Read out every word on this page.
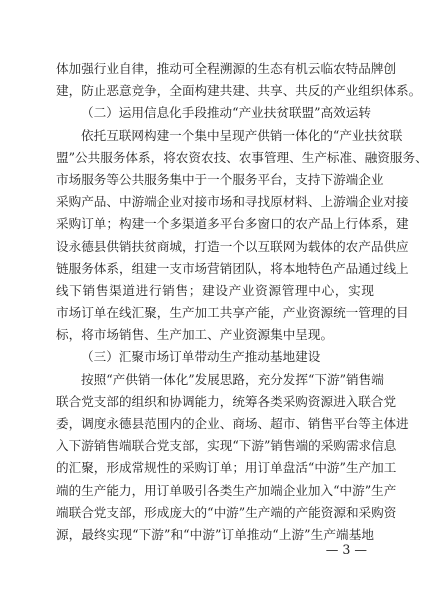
体加强行业自律，推动可全程溯源的生态有机云临农特品牌创
建，防止恶意竞争，全面构建共建、共享、共反的产业组织体系。
（二）运用信息化手段推动“产业扶贫联盟”高效运转
依托互联网构建一个集中呈现产供销一体化的“产业扶贫联
盟”公共服务体系，将农资农技、农事管理、生产标准、融资服务、
市场服务等公共服务集中于一个服务平台，支持下游端企业
采购产品、中游端企业对接市场和寻找原材料、上游端企业对接
采购订单；构建一个多渠道多平台多窗口的农产品上行体系，建
设永德县供销扶贫商城，打造一个以互联网为载体的农产品供应
链服务体系，组建一支市场营销团队，将本地特色产品通过线上
线下销售渠道进行销售；建设产业资源管理中心，实现
市场订单在线汇聚，生产加工共享产能，产业资源统一管理的目
标，将市场销售、生产加工、产业资源集中呈现。
（三）汇聚市场订单带动生产推动基地建设
按照“产供销一体化”发展思路，充分发挥“下游”销售端
联合党支部的组织和协调能力，统筹各类采购资源进入联合党
委，调度永德县范围内的企业、商场、超市、销售平台等主体进
入下游销售端联合党支部，实现“下游”销售端的采购需求信息
的汇聚，形成常规性的采购订单；用订单盘活“中游”生产加工
端的生产能力，用订单吸引各类生产加端企业加入“中游”生产
端联合党支部，形成庞大的“中游”生产端的产能资源和采购资
源，最终实现“下游”和“中游”订单推动“上游”生产端基地
— 3 —
